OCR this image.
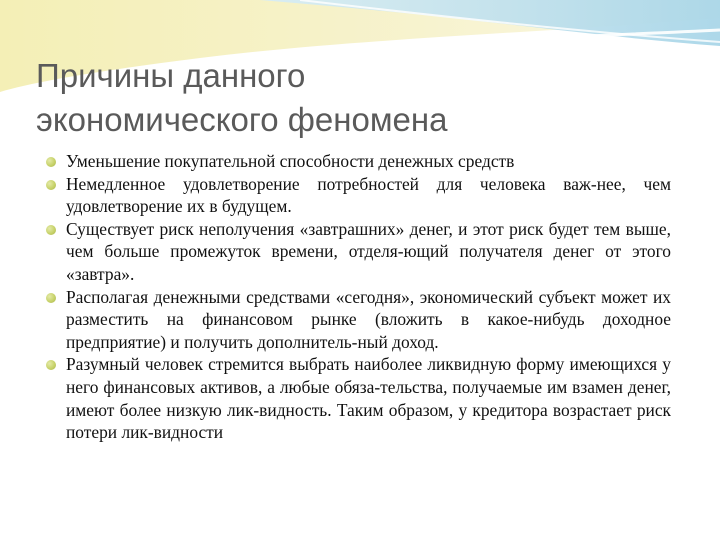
Причины данного
экономического феномена
Уменьшение покупательной способности денежных средств
Немедленное удовлетворение потребностей для человека важ-нее, чем удовлетворение их в будущем.
Существует риск неполучения «завтрашних» денег, и этот риск будет тем выше, чем больше промежуток времени, отделя-ющий получателя денег от этого «завтра».
Располагая денежными средствами «сегодня», экономический субъект может их разместить на финансовом рынке (вложить в какое-нибудь доходное предприятие) и получить дополнитель-ный доход.
Разумный человек стремится выбрать наиболее ликвидную форму имеющихся у него финансовых активов, а любые обяза-тельства, получаемые им взамен денег, имеют более низкую лик-видность. Таким образом, у кредитора возрастает риск потери лик-видности
